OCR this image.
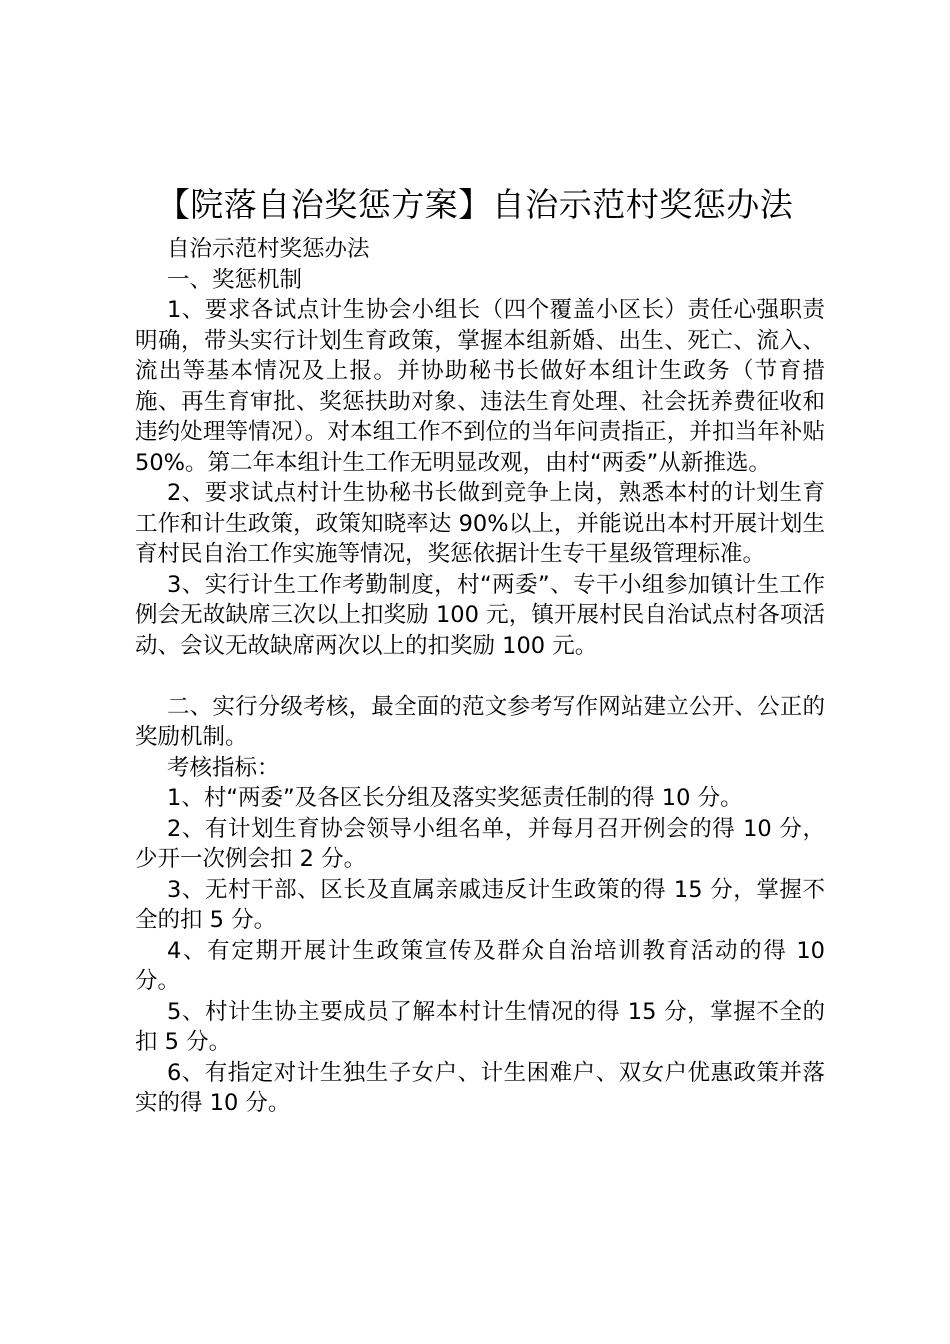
【院落自治奖惩方案】自治示范村奖惩办法

自治示范村奖惩办法

一、奖惩机制

1、要求各试点计生协会小组长（四个覆盖小区长）责任心强职责明确，带头实行计划生育政策，掌握本组新婚、出生、死亡、流入、流出等基本情况及上报。并协助秘书长做好本组计生政务（节育措施、再生育审批、奖惩扶助对象、违法生育处理、社会抚养费征收和违约处理等情况）。对本组工作不到位的当年问责指正，并扣当年补贴 50%。第二年本组计生工作无明显改观，由村“两委”从新推选。

2、要求试点村计生协秘书长做到竞争上岗，熟悉本村的计划生育工作和计生政策，政策知晓率达 90%以上，并能说出本村开展计划生育村民自治工作实施等情况，奖惩依据计生专干星级管理标准。

3、实行计生工作考勤制度，村“两委”、专干小组参加镇计生工作例会无故缺席三次以上扣奖励 100 元，镇开展村民自治试点村各项活动、会议无故缺席两次以上的扣奖励 100 元。

二、实行分级考核，最全面的范文参考写作网站建立公开、公正的奖励机制。

考核指标：

1、村“两委”及各区长分组及落实奖惩责任制的得 10 分。

2、有计划生育协会领导小组名单，并每月召开例会的得 10 分，少开一次例会扣 2 分。

3、无村干部、区长及直属亲戚违反计生政策的得 15 分，掌握不全的扣 5 分。

4、有定期开展计生政策宣传及群众自治培训教育活动的得 10 分。

5、村计生协主要成员了解本村计生情况的得 15 分，掌握不全的扣 5 分。

6、有指定对计生独生子女户、计生困难户、双女户优惠政策并落实的得 10 分。
